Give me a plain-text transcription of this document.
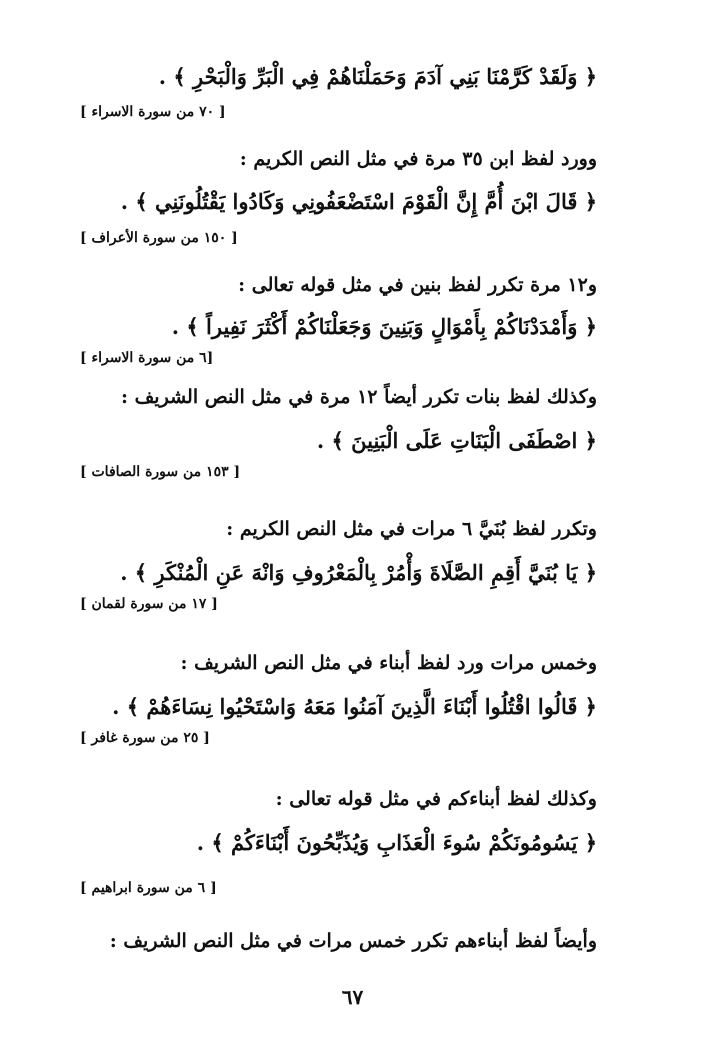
﴿ وَلَقَدْ كَرَّمْنَا بَنِي آدَمَ وَحَمَلْنَاهُمْ فِي الْبَرِّ وَالْبَحْرِ ﴾ .
[ ٧٠ من سورة الاسراء ]
وورد لفظ ابن ٣٥ مرة في مثل النص الكريم :
﴿ قَالَ ابْنَ أُمَّ إِنَّ الْقَوْمَ اسْتَضْعَفُونِي وَكَادُوا يَقْتُلُونَنِي ﴾ .
[ ١٥٠ من سورة الأعراف ]
و١٢ مرة تكرر لفظ بنين في مثل قوله تعالى :
﴿ وَأَمْدَدْنَاكُمْ بِأَمْوَالٍ وَبَنِينَ وَجَعَلْنَاكُمْ أَكْثَرَ نَفِيراً ﴾ .
[٦ من سورة الاسراء ]
وكذلك لفظ بنات تكرر أيضاً ١٢ مرة في مثل النص الشريف :
﴿ اصْطَفَى الْبَنَاتِ عَلَى الْبَنِينَ ﴾ .
[ ١٥٣ من سورة الصافات ]
وتكرر لفظ بُنَيَّ ٦ مرات في مثل النص الكريم :
﴿ يَا بُنَيَّ أَقِمِ الصَّلَاةَ وَأْمُرْ بِالْمَعْرُوفِ وَانْهَ عَنِ الْمُنْكَرِ ﴾ .
[ ١٧ من سورة لقمان ]
وخمس مرات ورد لفظ أبناء في مثل النص الشريف :
﴿ قَالُوا اقْتُلُوا أَبْنَاءَ الَّذِينَ آمَنُوا مَعَهُ وَاسْتَحْيُوا نِسَاءَهُمْ ﴾ .
[ ٢٥ من سورة غافر ]
وكذلك لفظ أبناءكم في مثل قوله تعالى :
﴿ يَسُومُونَكُمْ سُوءَ الْعَذَابِ وَيُذَبِّحُونَ أَبْنَاءَكُمْ ﴾ .
[ ٦ من سورة ابراهيم ]
وأيضاً لفظ أبناءهم تكرر خمس مرات في مثل النص الشريف :
٦٧
